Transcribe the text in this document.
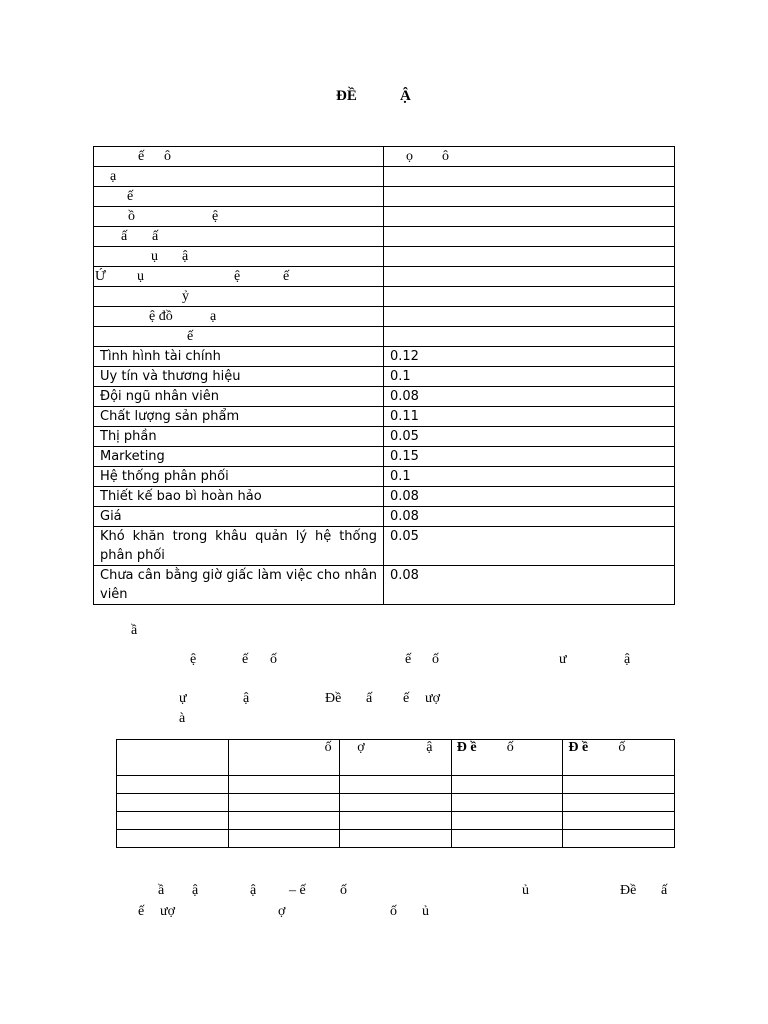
ĐỀ	Ậ
ế ô	ọ ô

ạ	

ế	

ồ ệ	

ấ ấ	

ụ ậ	

Ứ ụ ệ ế	

ỷ	

ệ đồ ạ	

ế	

Tình hình tài chính	0.12
Uy tín và thương hiệu	0.1
Đội ngũ nhân viên	0.08
Chất lượng sản phẩm	0.11
Thị phần	0.05
Marketing	0.15
Hệ thống phân phối	0.1
Thiết kế bao bì hoàn hảo	0.08
Giá	0.08
Khó khăn trong khâu quản lý hệ thống phân phối	0.05
Chưa cân bằng giờ giấc làm việc cho nhân viên	0.08
ầ
ệ	ế ố	ế ố	ư	ậ
ự	ậ	Đề ấ ế ượ
à
ầ ậ	ậ – ế ố	ủ	Đề ấ
ế ượ	ợ	ố ủ

	ố	ợ ậ	Đ ề ố	Đ ề ố
